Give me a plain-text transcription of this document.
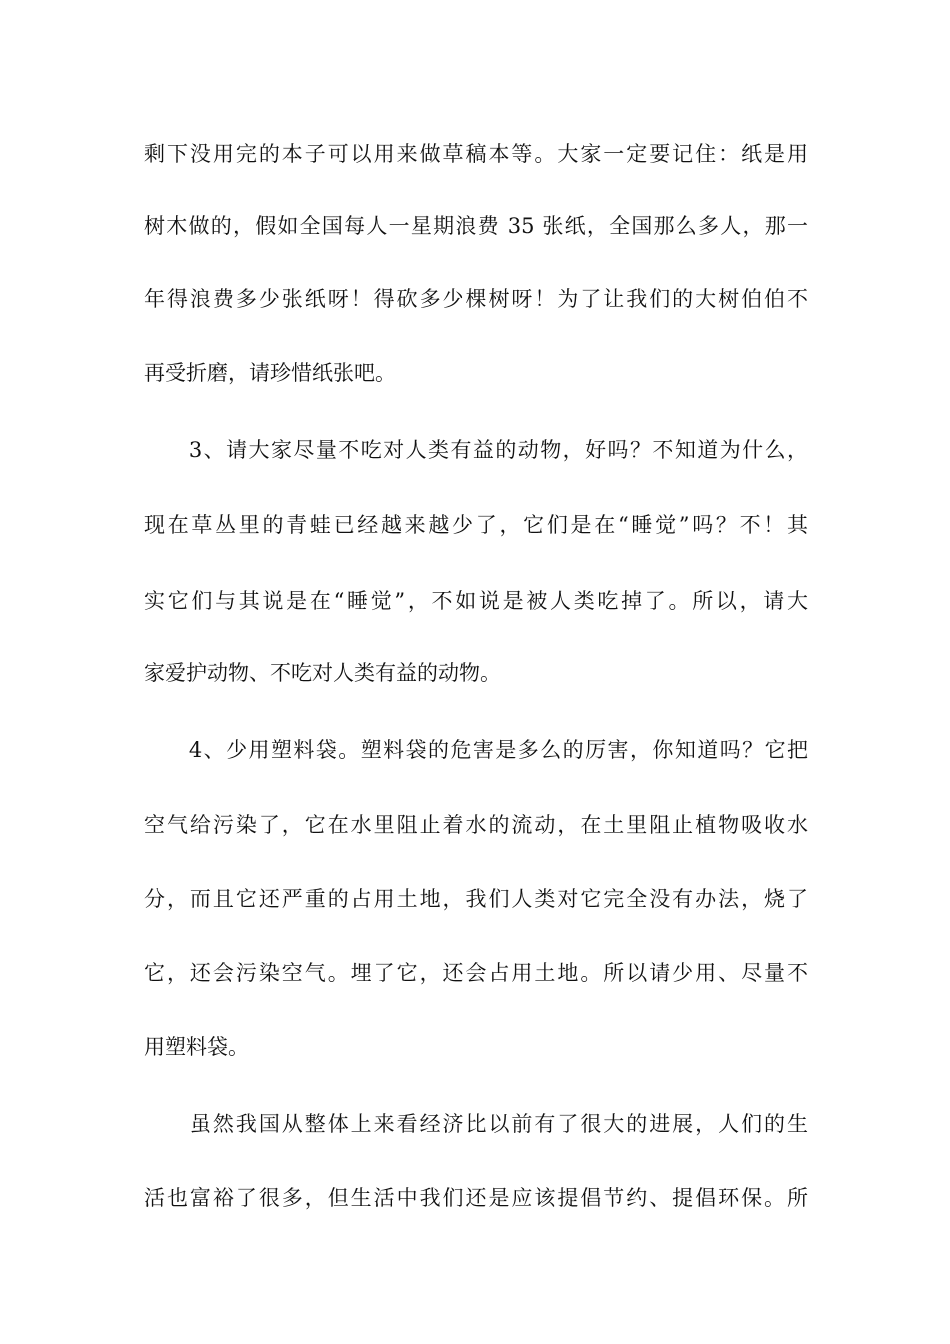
剩下没用完的本子可以用来做草稿本等。大家一定要记住：纸是用
树木做的，假如全国每人一星期浪费 35 张纸，全国那么多人，那一
年得浪费多少张纸呀！得砍多少棵树呀！为了让我们的大树伯伯不
再受折磨，请珍惜纸张吧。
　　3、请大家尽量不吃对人类有益的动物，好吗？不知道为什么，
现在草丛里的青蛙已经越来越少了，它们是在“睡觉”吗？不！其
实它们与其说是在“睡觉”，不如说是被人类吃掉了。所以，请大
家爱护动物、不吃对人类有益的动物。
　　4、少用塑料袋。塑料袋的危害是多么的厉害，你知道吗？它把
空气给污染了，它在水里阻止着水的流动，在土里阻止植物吸收水
分，而且它还严重的占用土地，我们人类对它完全没有办法，烧了
它，还会污染空气。埋了它，还会占用土地。所以请少用、尽量不
用塑料袋。
　　虽然我国从整体上来看经济比以前有了很大的进展，人们的生
活也富裕了很多，但生活中我们还是应该提倡节约、提倡环保。所
